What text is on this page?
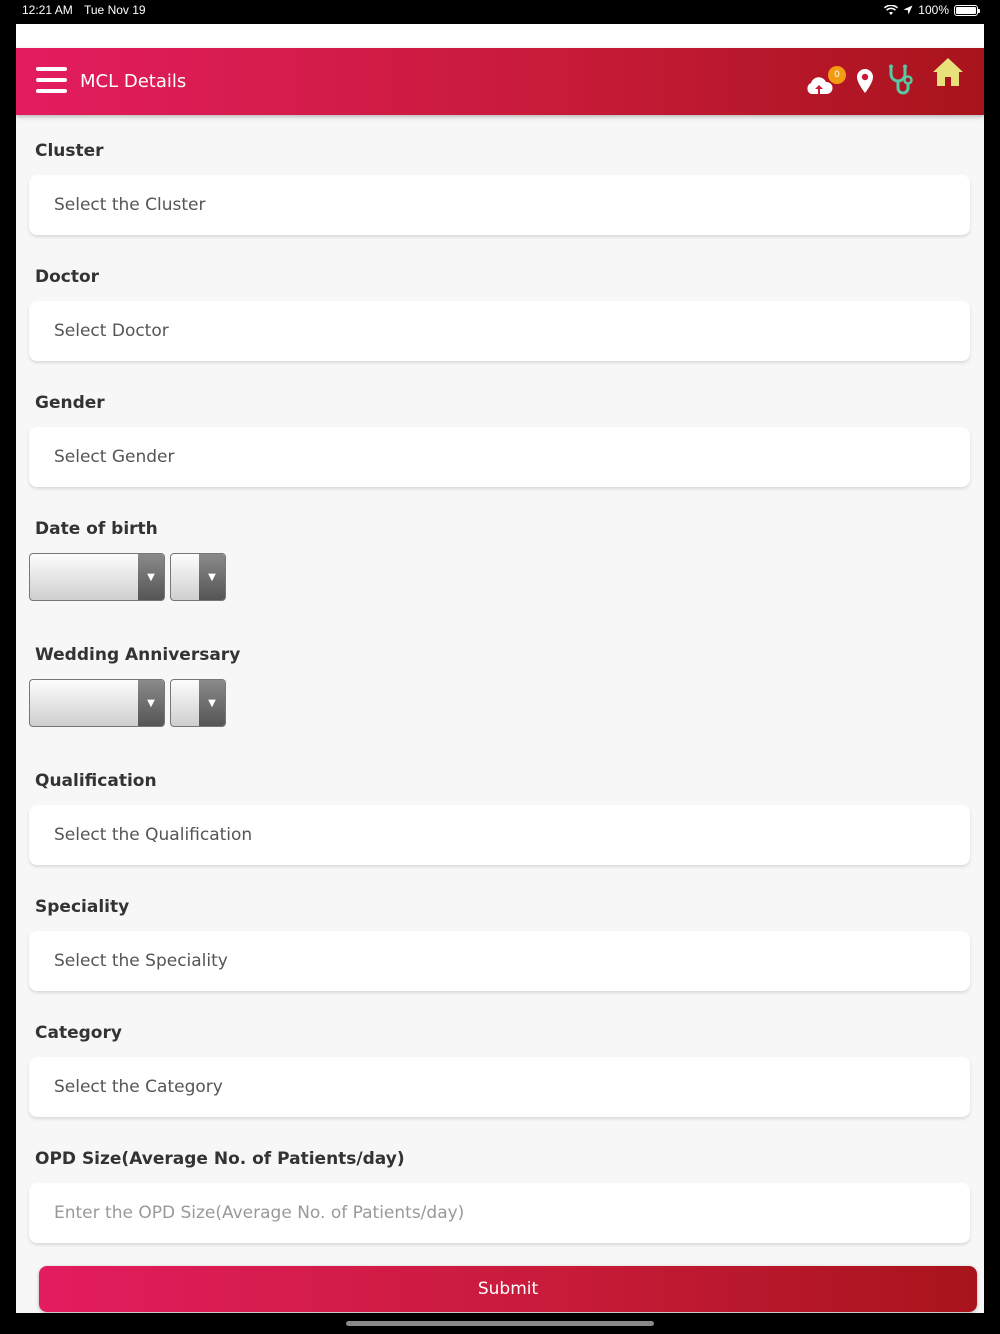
12:21 AM Tue Nov 19	100%
MCL Details	0
Cluster
Select the Cluster
Doctor
Select Doctor
Gender
Select Gender
Date of birth
▼	▼
Wedding Anniversary
▼	▼
Qualification
Select the Qualification
Speciality
Select the Speciality
Category
Select the Category
OPD Size(Average No. of Patients/day)
Enter the OPD Size(Average No. of Patients/day)
Submit
